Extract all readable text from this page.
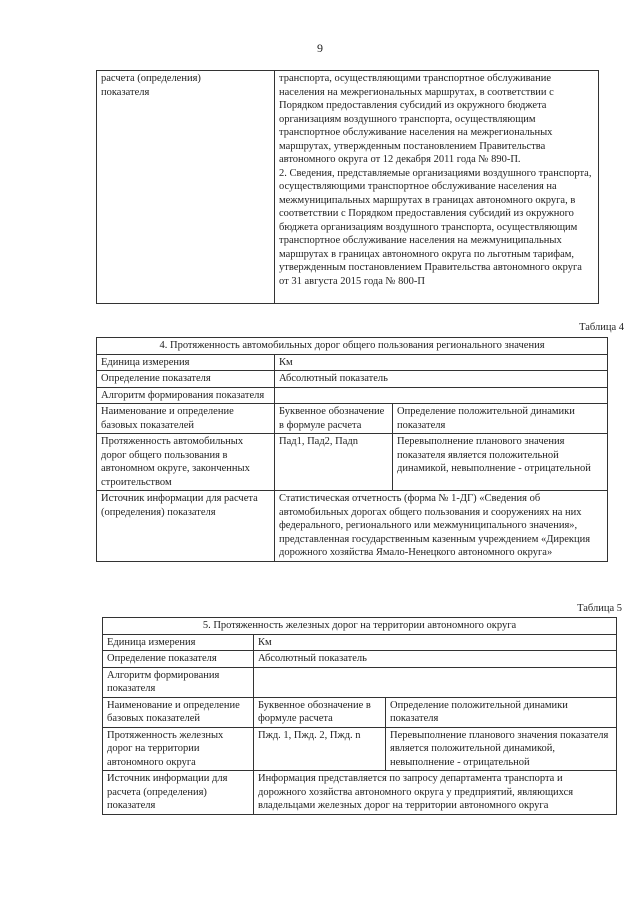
9
расчета (определения)
показателя	транспорта, осуществляющими транспортное обслуживание населения на межрегиональных маршрутах, в соответствии с Порядком предоставления субсидий из окружного бюджета организациям воздушного транспорта, осуществляющим транспортное обслуживание населения на межрегиональных маршрутах, утвержденным постановлением Правительства автономного округа от 12 декабря 2011 года № 890-П.
2. Сведения, представляемые организациями воздушного транспорта, осуществляющими транспортное обслуживание населения на межмуниципальных маршрутах в границах автономного округа, в соответствии с Порядком предоставления субсидий из окружного бюджета организациям воздушного транспорта, осуществляющим транспортное обслуживание населения на межмуниципальных маршрутах в границах автономного округа по льготным тарифам, утвержденным постановлением Правительства автономного округа от 31 августа 2015 года № 800-П
Таблица 4
4. Протяженность автомобильных дорог общего пользования регионального значения		
Единица измерения	Км	
Определение показателя	Абсолютный показатель	
Алгоритм формирования показателя		
Наименование и определение базовых показателей	Буквенное обозначение в формуле расчета	Определение положительной динамики показателя
Протяженность автомобильных дорог общего пользования в автономном округе, законченных строительством	Пад1, Пад2, Падn	Перевыполнение планового значения показателя является положительной динамикой, невыполнение - отрицательной
Источник информации для расчета (определения) показателя	Статистическая отчетность (форма № 1-ДГ) «Сведения об автомобильных дорогах общего пользования и сооружениях на них федерального, регионального или межмуниципального значения», представленная государственным казенным учреждением «Дирекция дорожного хозяйства Ямало-Ненецкого автономного округа»	
Таблица 5
5. Протяженность железных дорог на территории автономного округа		
Единица измерения	Км	
Определение показателя	Абсолютный показатель	
Алгоритм формирования показателя		
Наименование и определение базовых показателей	Буквенное обозначение в формуле расчета	Определение положительной динамики показателя
Протяженность железных дорог на территории автономного округа	Пжд. 1, Пжд. 2, Пжд. n	Перевыполнение планового значения показателя является положительной динамикой, невыполнение - отрицательной
Источник информации для расчета (определения) показателя	Информация представляется по запросу департамента транспорта и дорожного хозяйства автономного округа у предприятий, являющихся владельцами железных дорог на территории автономного округа	
